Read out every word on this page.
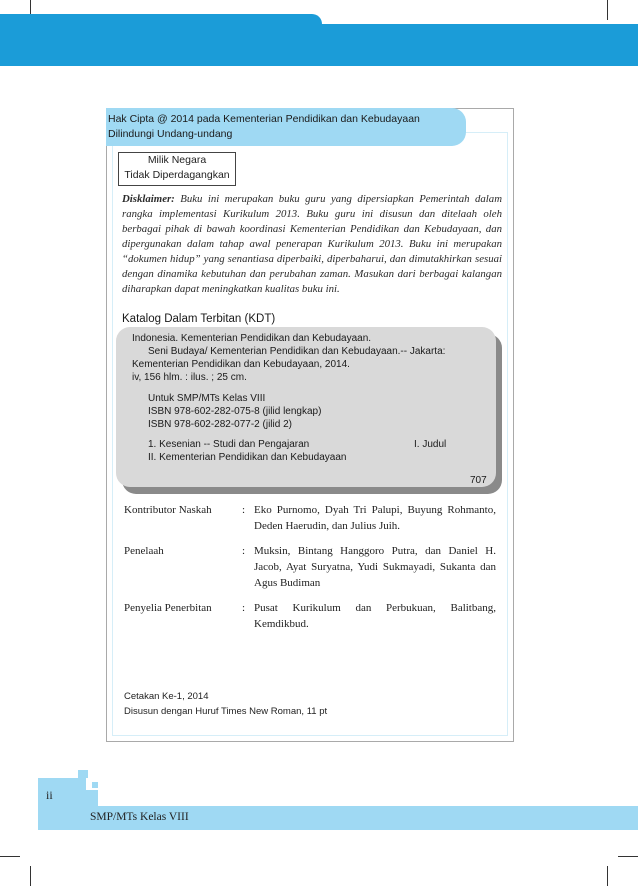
Hak Cipta @ 2014 pada Kementerian Pendidikan dan Kebudayaan
Dilindungi Undang-undang
Milik Negara
Tidak Diperdagangkan

Disklaimer: Buku ini merupakan buku guru yang dipersiapkan Pemerintah dalam rangka implementasi Kurikulum 2013. Buku guru ini disusun dan ditelaah oleh berbagai pihak di bawah koordinasi Kementerian Pendidikan dan Kebudayaan, dan dipergunakan dalam tahap awal penerapan Kurikulum 2013. Buku ini merupakan “dokumen hidup” yang senantiasa diperbaiki, diperbaharui, dan dimutakhirkan sesuai dengan dinamika kebutuhan dan perubahan zaman. Masukan dari berbagai kalangan diharapkan dapat meningkatkan kualitas buku ini.

Katalog Dalam Terbitan (KDT)
Indonesia. Kementerian Pendidikan dan Kebudayaan.
Seni Budaya/ Kementerian Pendidikan dan Kebudayaan.-- Jakarta:
Kementerian Pendidikan dan Kebudayaan, 2014.
iv, 156 hlm. : ilus. ; 25 cm.
Untuk SMP/MTs Kelas VIII
ISBN 978-602-282-075-8 (jilid lengkap)
ISBN 978-602-282-077-2 (jilid 2)
1. Kesenian -- Studi dan Pengajaran	I. Judul
II. Kementerian Pendidikan dan Kebudayaan
707
Kontributor Naskah	: Eko Purnomo, Dyah Tri Palupi, Buyung Rohmanto, Deden Haerudin, dan Julius Juih.
Penelaah	: Muksin, Bintang Hanggoro Putra, dan Daniel H. Jacob, Ayat Suryatna, Yudi Sukmayadi, Sukanta dan Agus Budiman
Penyelia Penerbitan	: Pusat Kurikulum dan Perbukuan, Balitbang, Kemdikbud.
Cetakan Ke-1, 2014
Disusun dengan Huruf Times New Roman, 11 pt
ii
SMP/MTs Kelas VIII
